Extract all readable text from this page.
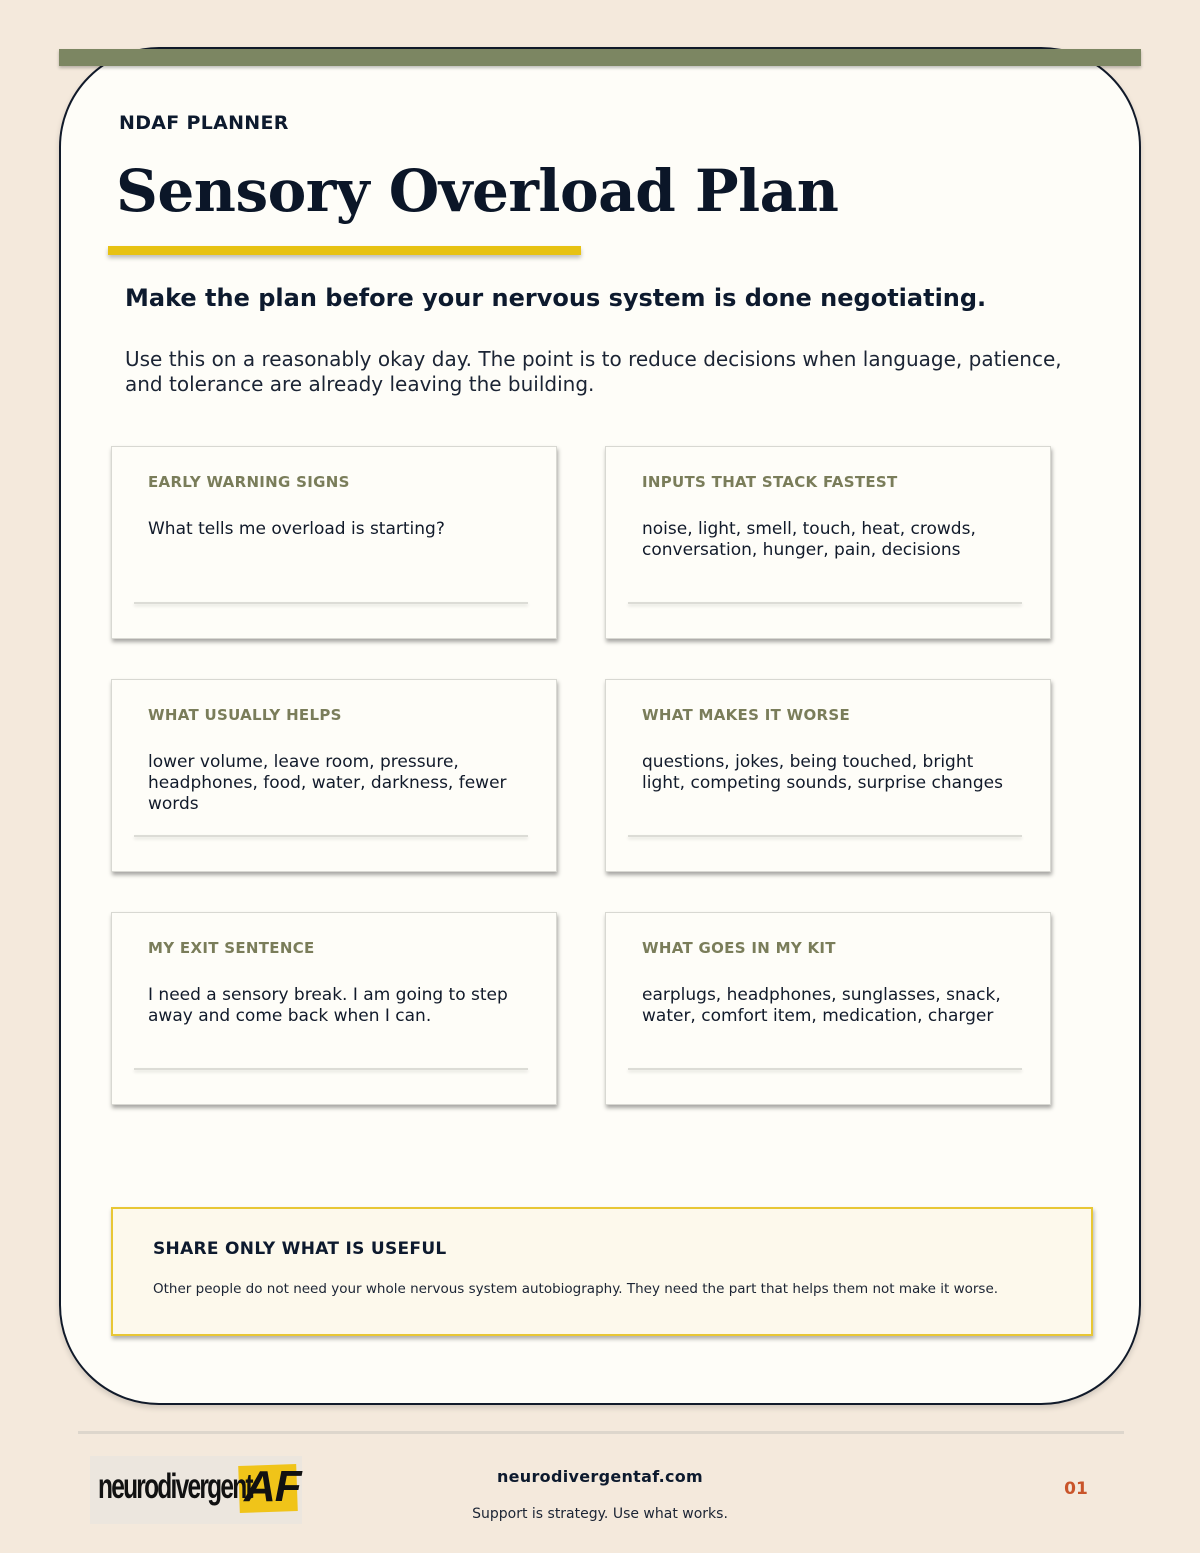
NDAF PLANNER
Sensory Overload Plan
Make the plan before your nervous system is done negotiating.

Use this on a reasonably okay day. The point is to reduce decisions when language, patience, and tolerance are already leaving the building.

EARLY WARNING SIGNS
What tells me overload is starting?
INPUTS THAT STACK FASTEST
noise, light, smell, touch, heat, crowds, conversation, hunger, pain, decisions
WHAT USUALLY HELPS
lower volume, leave room, pressure, headphones, food, water, darkness, fewer words
WHAT MAKES IT WORSE
questions, jokes, being touched, bright light, competing sounds, surprise changes
MY EXIT SENTENCE
I need a sensory break. I am going to step away and come back when I can.
WHAT GOES IN MY KIT
earplugs, headphones, sunglasses, snack, water, comfort item, medication, charger
SHARE ONLY WHAT IS USEFUL
Other people do not need your whole nervous system autobiography. They need the part that helps them not make it worse.
neurodivergent
AF	neurodivergentaf.com
Support is strategy. Use what works.
01
